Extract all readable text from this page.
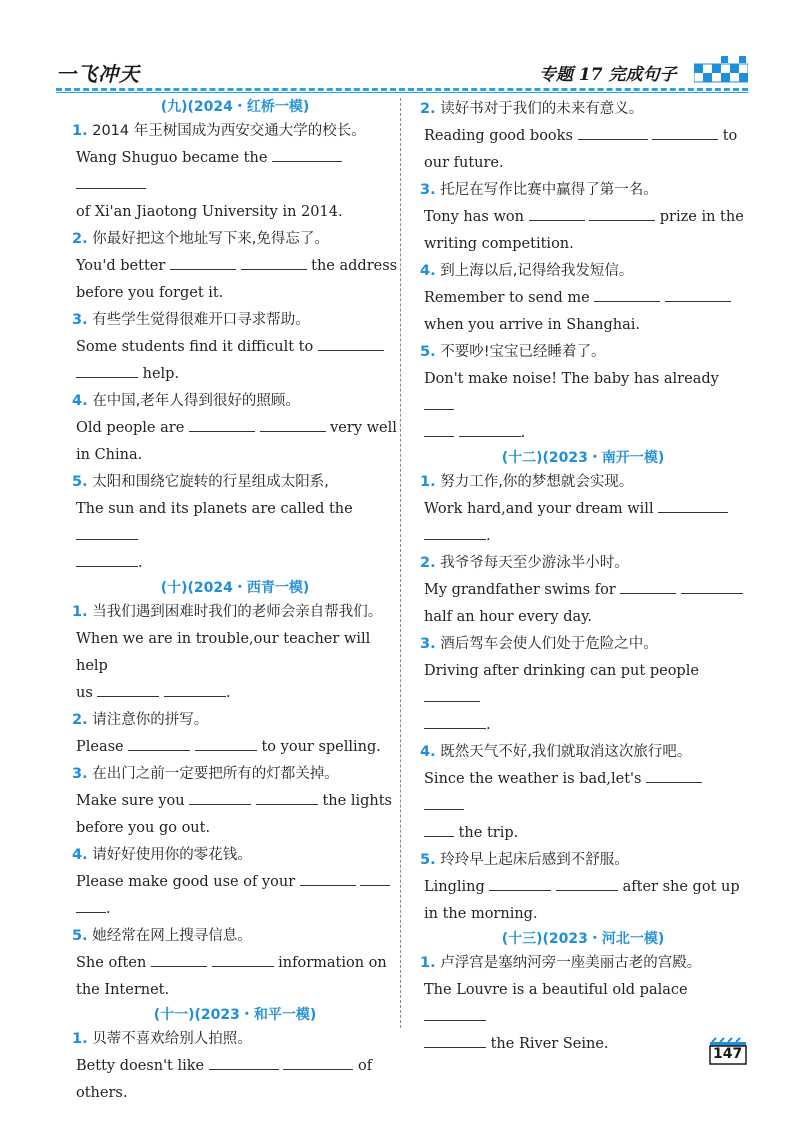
一飞冲天	专题 17 完成句子

(九)(2024・红桥一模)

1. 2014 年王树国成为西安交通大学的校长。

Wang Shuguo became the

of Xi'an Jiaotong University in 2014.

2. 你最好把这个地址写下来,免得忘了。

You'd better	the address

before you forget it.

3. 有些学生觉得很难开口寻求帮助。

Some students find it difficult to

help.

4. 在中国,老年人得到很好的照顾。

Old people are	very well

in China.

5. 太阳和围绕它旋转的行星组成太阳系,

The sun and its planets are called the

.

(十)(2024・西青一模)

1. 当我们遇到困难时我们的老师会亲自帮我们。

When we are in trouble,our teacher will help

us	.

2. 请注意你的拼写。

Please	to your spelling.

3. 在出门之前一定要把所有的灯都关掉。

Make sure you	the lights

before you go out.

4. 请好好使用你的零花钱。

Please make good use of your

.

5. 她经常在网上搜寻信息。

She often	information on

the Internet.

(十一)(2023・和平一模)

1. 贝蒂不喜欢给别人拍照。

Betty doesn't like	of

others.

2. 读好书对于我们的未来有意义。

Reading good books	to

our future.

3. 托尼在写作比赛中赢得了第一名。

Tony has won	prize in the

writing competition.

4. 到上海以后,记得给我发短信。

Remember to send me

when you arrive in Shanghai.

5. 不要吵!宝宝已经睡着了。

Don't make noise! The baby has already

.

(十二)(2023・南开一模)

1. 努力工作,你的梦想就会实现。

Work hard,and your dream will

.

2. 我爷爷每天至少游泳半小时。

My grandfather swims for

half an hour every day.

3. 酒后驾车会使人们处于危险之中。

Driving after drinking can put people

.

4. 既然天气不好,我们就取消这次旅行吧。

Since the weather is bad,let's

the trip.

5. 玲玲早上起床后感到不舒服。

Lingling	after she got up

in the morning.

(十三)(2023・河北一模)

1. 卢浮宫是塞纳河旁一座美丽古老的宫殿。

The Louvre is a beautiful old palace

the River Seine.

147
